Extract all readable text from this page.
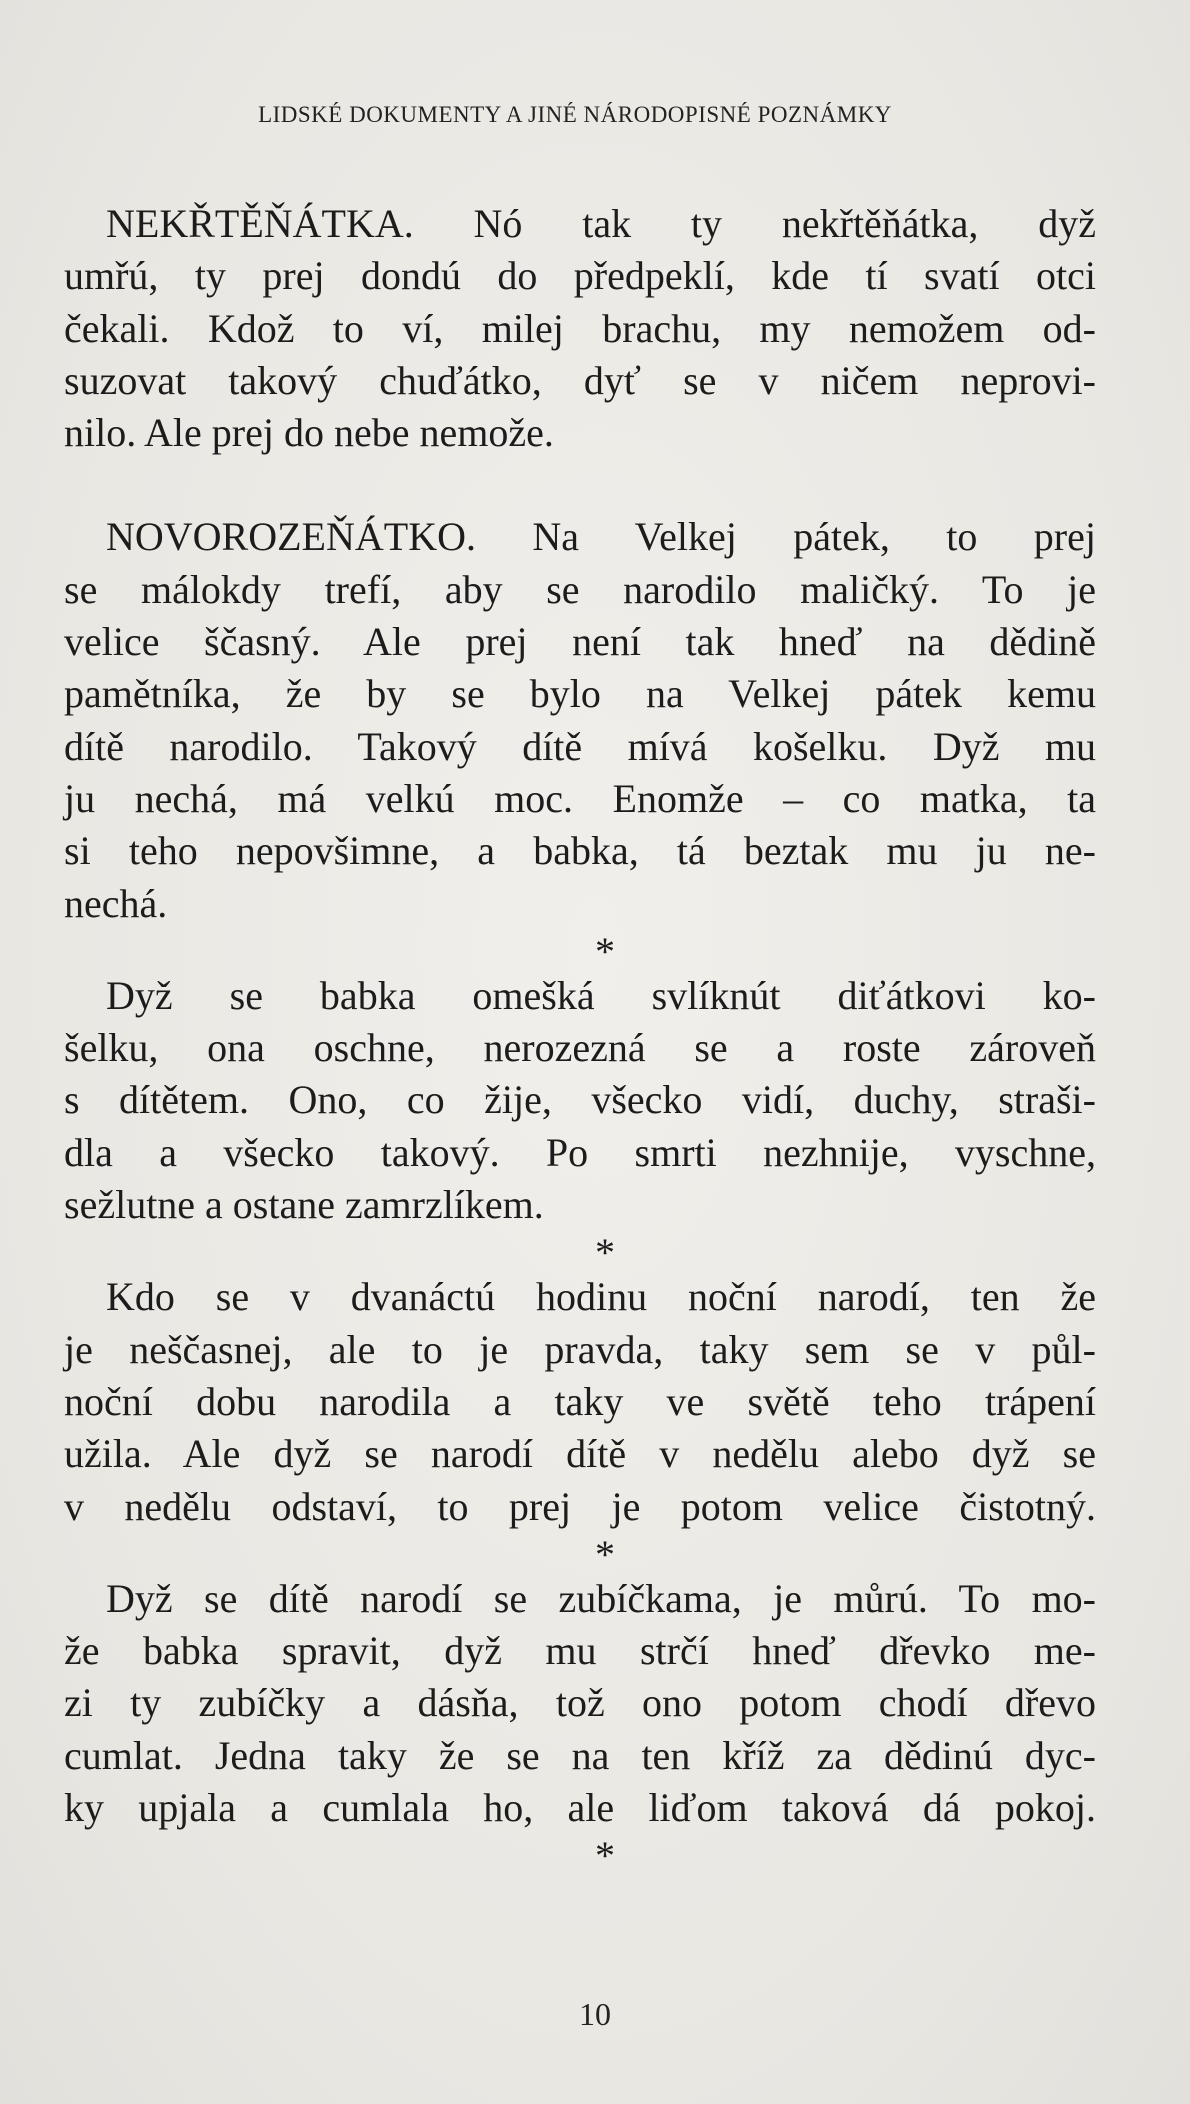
LIDSKÉ DOKUMENTY A JINÉ NÁRODOPISNÉ POZNÁMKY

NEKŘTĚŇÁTKA. Nó tak ty nekřtěňátka, dyž
umřú, ty prej dondú do předpeklí, kde tí svatí otci
čekali. Kdož to ví, milej brachu, my nemožem od-
suzovat takový chuďátko, dyť se v ničem neprovi-
nilo. Ale prej do nebe nemože.

NOVOROZEŇÁTKO. Na Velkej pátek, to prej
se málokdy trefí, aby se narodilo maličký. To je
velice ščasný. Ale prej není tak hneď na dědině
pamětníka, že by se bylo na Velkej pátek kemu
dítě narodilo. Takový dítě mívá košelku. Dyž mu
ju nechá, má velkú moc. Enomže – co matka, ta
si teho nepovšimne, a babka, tá beztak mu ju ne-
nechá.

*

Dyž se babka omešká svlíknút diťátkovi ko-
šelku, ona oschne, nerozezná se a roste zároveň
s dítětem. Ono, co žije, všecko vidí, duchy, straši-
dla a všecko takový. Po smrti nezhnije, vyschne,
sežlutne a ostane zamrzlíkem.

*

Kdo se v dvanáctú hodinu noční narodí, ten že
je neščasnej, ale to je pravda, taky sem se v půl-
noční dobu narodila a taky ve světě teho trápení
užila. Ale dyž se narodí dítě v nedělu alebo dyž se
v nedělu odstaví, to prej je potom velice čistotný.

*

Dyž se dítě narodí se zubíčkama, je můrú. To mo-
že babka spravit, dyž mu strčí hneď dřevko me-
zi ty zubíčky a dásňa, tož ono potom chodí dřevo
cumlat. Jedna taky že se na ten kříž za dědinú dyc-
ky upjala a cumlala ho, ale liďom taková dá pokoj.

*
10
